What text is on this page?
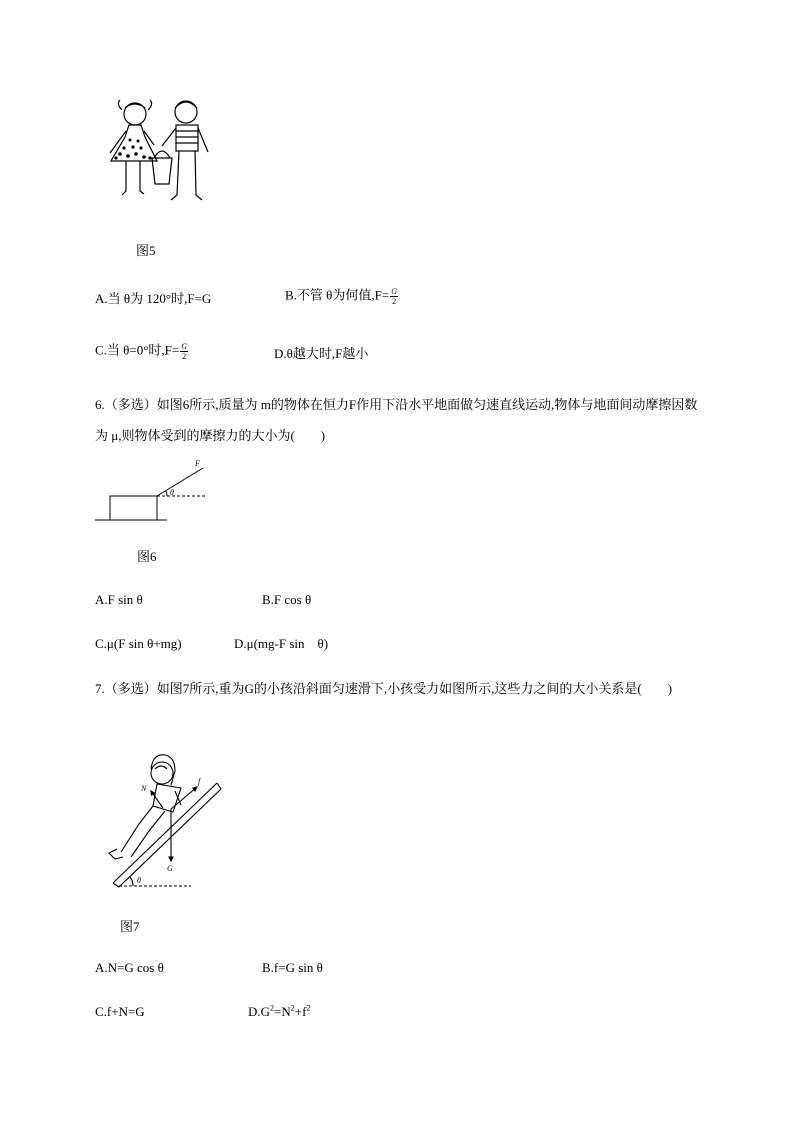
图5
A.当 θ为 120°时,F=G	B.不管 θ为何值$,F= \frac{G}{2}$
C.当 θ=0°时$,F= \frac{G}{2}$	D.θ越大时,F越小
6.（多选）如图6所示,质量为 m的物体在恒力F作用下沿水平地面做匀速直线运动,物体与地面间动摩擦因数为 μ,则物体受到的摩擦力的大小为(　　)
F
θ
图6
A.F sin θ	B.F cos θ
C.μ(F sin θ+mg)	D.μ(mg-F sin　θ)
7.（多选）如图7所示,重为G的小孩沿斜面匀速滑下,小孩受力如图所示,这些力之间的大小关系是(　　)
N
f
G
θ
图7
A.N=G cos θ	B.f=G sin θ
C.f+N=G	$D.G^2=N^2+f^2$
